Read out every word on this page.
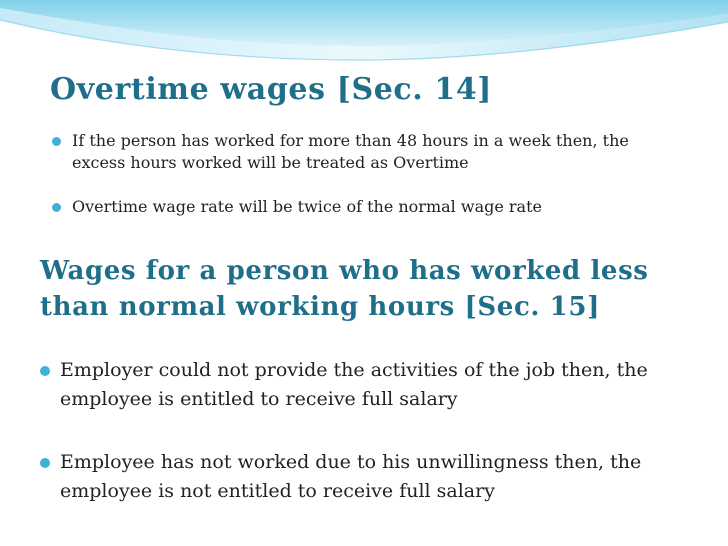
Overtime wages [Sec. 14]
If the person has worked for more than 48 hours in a week then, the excess hours worked will be treated as Overtime
Overtime wage rate will be twice of the normal wage rate
Wages for a person who has worked less than normal working hours [Sec. 15]
Employer could not provide the activities of the job then, the employee is entitled to receive full salary
Employee has not worked due to his unwillingness then, the employee is not entitled to receive full salary
